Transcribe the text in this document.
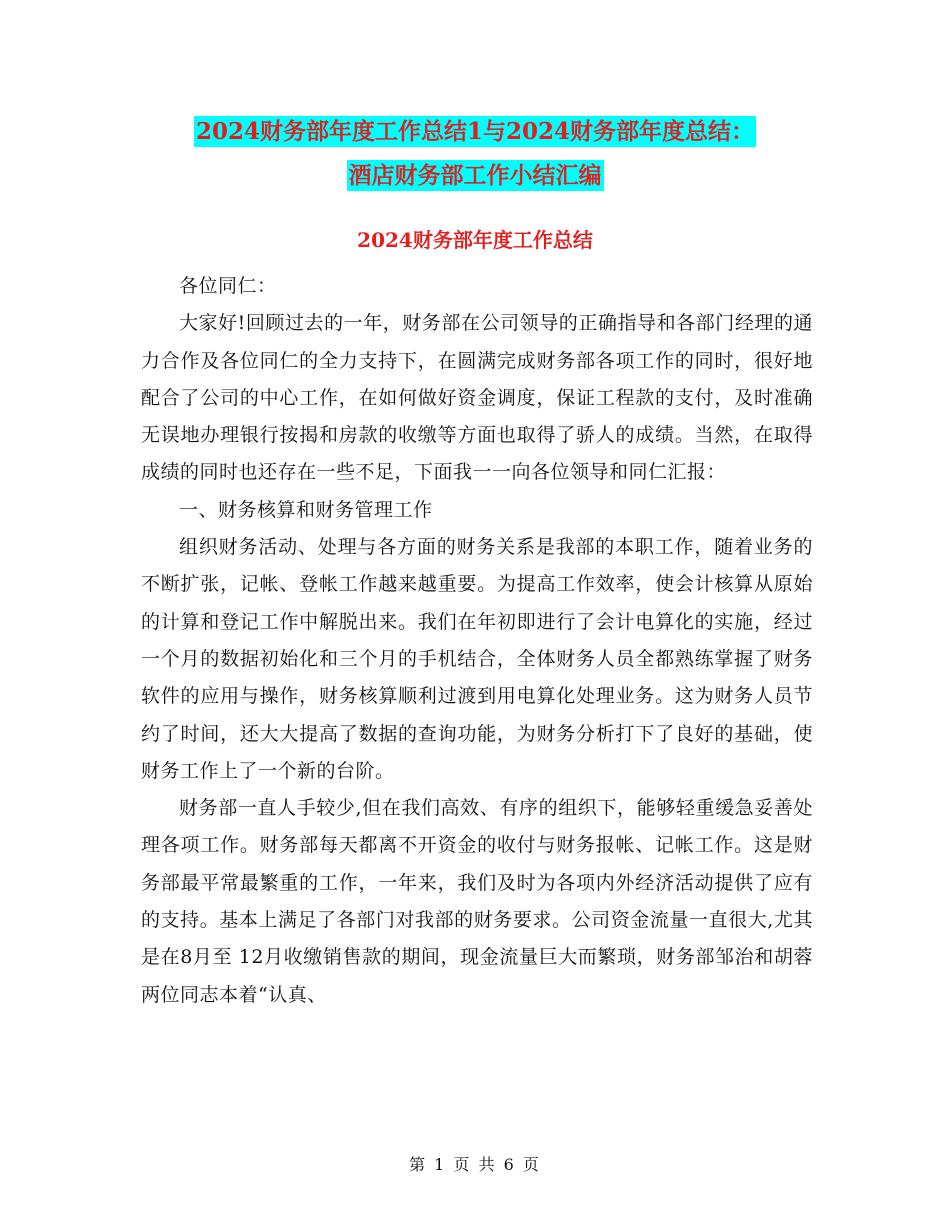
2024财务部年度工作总结1与2024财务部年度总结：
酒店财务部工作小结汇编
2024财务部年度工作总结

各位同仁：

大家好!回顾过去的一年，财务部在公司领导的正确指导和各部门经理的通力合作及各位同仁的全力支持下，在圆满完成财务部各项工作的同时，很好地配合了公司的中心工作，在如何做好资金调度，保证工程款的支付，及时准确无误地办理银行按揭和房款的收缴等方面也取得了骄人的成绩。当然，在取得成绩的同时也还存在一些不足，下面我一一向各位领导和同仁汇报：

一、财务核算和财务管理工作

组织财务活动、处理与各方面的财务关系是我部的本职工作，随着业务的不断扩张，记帐、登帐工作越来越重要。为提高工作效率，使会计核算从原始的计算和登记工作中解脱出来。我们在年初即进行了会计电算化的实施，经过一个月的数据初始化和三个月的手机结合，全体财务人员全都熟练掌握了财务软件的应用与操作，财务核算顺利过渡到用电算化处理业务。这为财务人员节约了时间，还大大提高了数据的查询功能，为财务分析打下了良好的基础，使财务工作上了一个新的台阶。

财务部一直人手较少,但在我们高效、有序的组织下，能够轻重缓急妥善处理各项工作。财务部每天都离不开资金的收付与财务报帐、记帐工作。这是财务部最平常最繁重的工作，一年来，我们及时为各项内外经济活动提供了应有的支持。基本上满足了各部门对我部的财务要求。公司资金流量一直很大,尤其是在8月至 12月收缴销售款的期间，现金流量巨大而繁琐，财务部邹治和胡蓉两位同志本着“认真、

第 1 页 共 6 页
